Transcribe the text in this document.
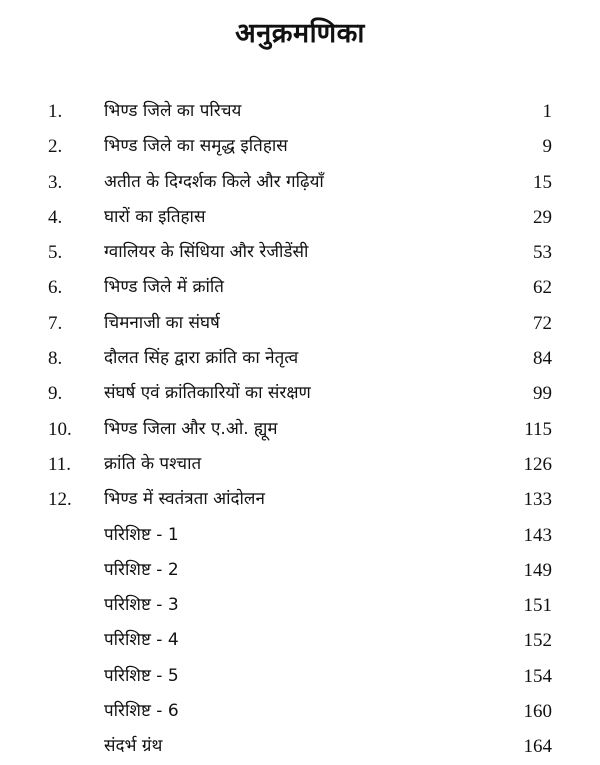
अनुक्रमणिका
1. भिण्ड जिले का परिचय	1
2. भिण्ड जिले का समृद्ध इतिहास	9
3. अतीत के दिग्दर्शक किले और गढ़ियाँ	15
4. घारों का इतिहास	29
5. ग्वालियर के सिंधिया और रेजीडेंसी	53
6. भिण्ड जिले में क्रांति	62
7. चिमनाजी का संघर्ष	72
8. दौलत सिंह द्वारा क्रांति का नेतृत्व	84
9. संघर्ष एवं क्रांतिकारियों का संरक्षण	99
10. भिण्ड जिला और ए.ओ. ह्यूम	115
11. क्रांति के पश्चात	126
12. भिण्ड में स्वतंत्रता आंदोलन	133
परिशिष्ट - 1	143
परिशिष्ट - 2	149
परिशिष्ट - 3	151
परिशिष्ट - 4	152
परिशिष्ट - 5	154
परिशिष्ट - 6	160
संदर्भ ग्रंथ	164
